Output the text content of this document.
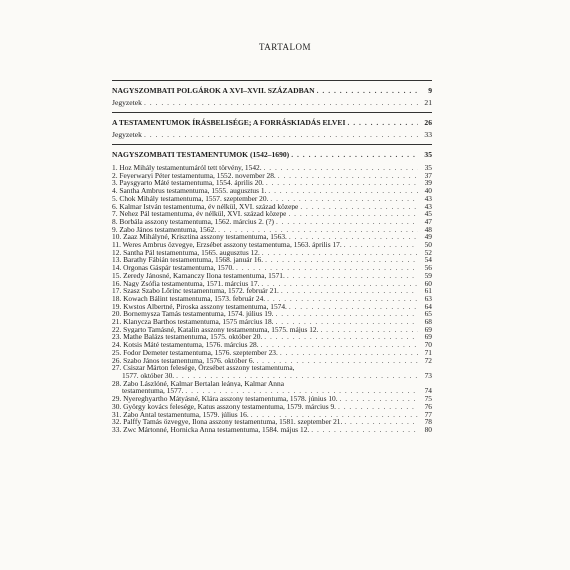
TARTALOM
NAGYSZOMBATI POLGÁROK A XVI–XVII. SZÁZADBAN . . .	9
Jegyzetek . . .	21
A TESTAMENTUMOK ÍRÁSBELISÉGE; A FORRÁSKIADÁS ELVEI . . .	26
Jegyzetek . . .	33
NAGYSZOMBATI TESTAMENTUMOK (1542–1690) . . .	35
1. Hoz Mihály testamentumáról tett törvény, 1542. . . .	35
2. Feyerwaryi Péter testamentuma, 1552. november 28. . . .	37
3. Paysgyarto Máté testamentuma, 1554. április 20. . . .	39
4. Santha Ambrus testamentuma, 1555. augusztus 1. . . .	40
5. Chok Mihály testamentuma, 1557. szeptember 20. . . .	43
6. Kalmar István testamentuma, év nélkül, XVI. század közepe . . .	43
7. Nehez Pál testamentuma, év nélkül, XVI. század közepe . . .	45
8. Borbála asszony testamentuma, 1562. március 2. (?) . . .	47
9. Zabo János testamentuma, 1562. . . .	48
10. Zaaz Mihályné, Krisztina asszony testamentuma, 1563. . . .	49
11. Weres Ambrus özvegye, Erzsébet asszony testamentuma, 1563. április 17. . . .	50
12. Santha Pál testamentuma, 1565. augusztus 12. . . .	52
13. Barathy Fábián testamentuma, 1568. január 16. . . .	54
14. Orgonas Gáspár testamentuma, 1570. . . .	56
15. Zeredy Jánosné, Kamanczy Ilona testamentuma, 1571. . . .	59
16. Nagy Zsófia testamentuma, 1571. március 17. . . .	60
17. Szasz Szabo Lőrinc testamentuma, 1572. február 21. . . .	61
18. Kowach Bálint testamentuma, 1573. február 24. . . .	63
19. Kwstos Albertné, Piroska asszony testamentuma, 1574. . . .	64
20. Bornemysza Tamás testamentuma, 1574. július 19. . . .	65
21. Klanycza Barthos testamentuma, 1575 március 18. . . .	68
22. Sygarto Tamásné, Katalin asszony testamentuma, 1575. május 12. . . .	69
23. Mathe Balázs testamentuma, 1575. október 20. . . .	69
24. Kotsis Máté testamentuma, 1576. március 28. . . .	70
25. Fodor Demeter testamentuma, 1576. szeptember 23. . . .	71
26. Szabo János testamentuma, 1576. október 6. . . .	72
27. Csiszar Márton felesége, Örzsébet asszony testamentuma,
1577. október 30. . . .	73
28. Zabo Lászlóné, Kalmar Bertalan leánya, Kalmar Anna
testamentuma, 1577. . . .	74
29. Nyereghyartho Mátyásné, Klára asszony testamentuma, 1578. június 10. . . .	75
30. György kovács felesége, Katus asszony testamentuma, 1579. március 9. . . .	76
31. Zabo Antal testamentuma, 1579. július 16. . . .	77
32. Palffy Tamás özvegye, Ilona asszony testamentuma, 1581. szeptember 21. . . .	78
33. Zwc Mártonné, Hornicka Anna testamentuma, 1584. május 12. . . .	80
